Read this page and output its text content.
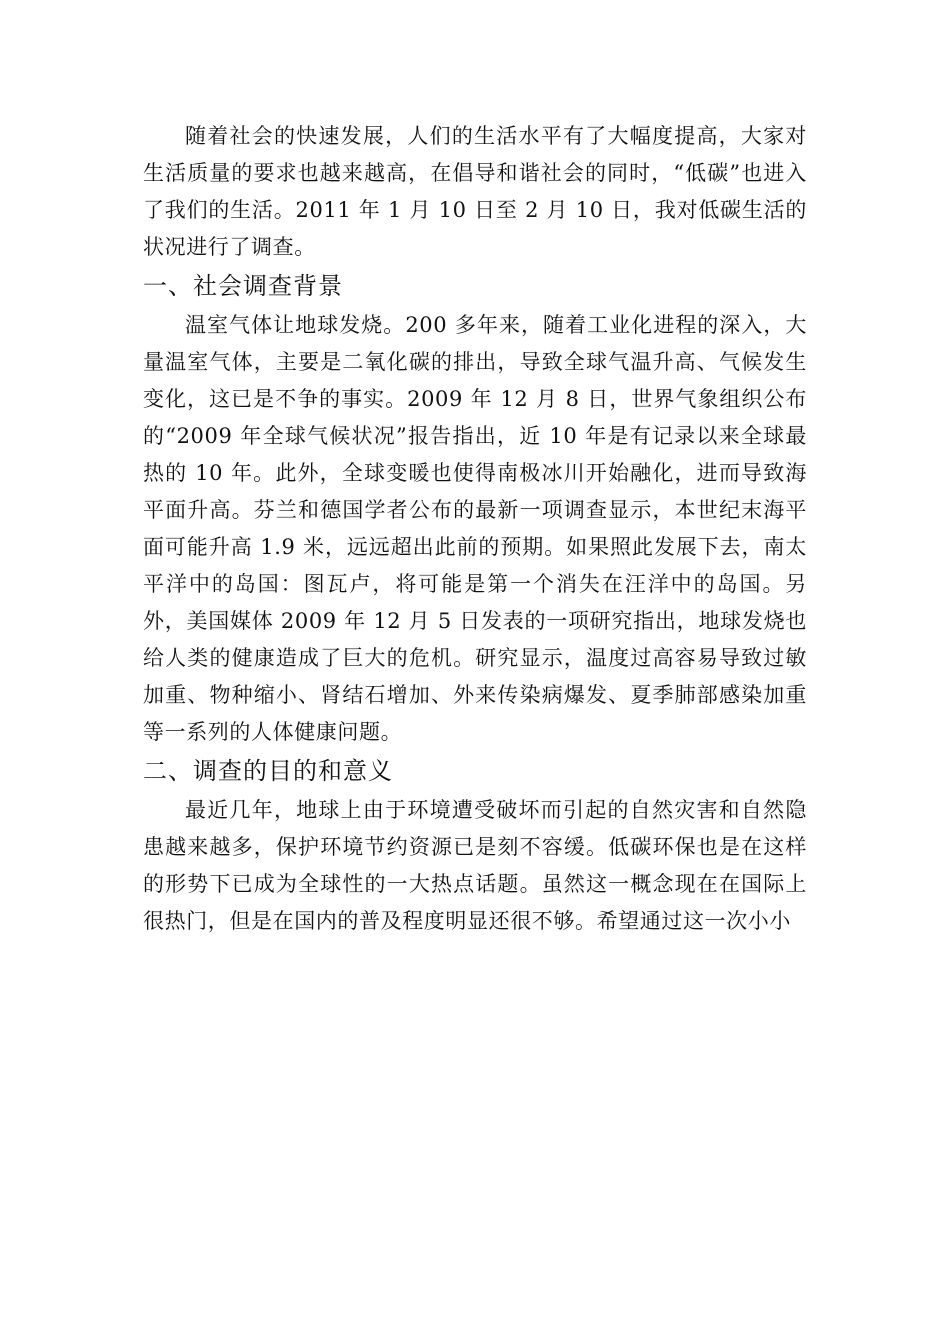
随着社会的快速发展，人们的生活水平有了大幅度提高，大家对生活质量的要求也越来越高，在倡导和谐社会的同时，“低碳”也进入了我们的生活。2011 年 1 月 10 日至 2 月 10 日，我对低碳生活的状况进行了调查。

一、社会调查背景

温室气体让地球发烧。200 多年来，随着工业化进程的深入，大量温室气体，主要是二氧化碳的排出，导致全球气温升高、气候发生变化，这已是不争的事实。2009 年 12 月 8 日，世界气象组织公布的“2009 年全球气候状况”报告指出，近 10 年是有记录以来全球最热的 10 年。此外，全球变暖也使得南极冰川开始融化，进而导致海平面升高。芬兰和德国学者公布的最新一项调查显示，本世纪末海平面可能升高 1.9 米，远远超出此前的预期。如果照此发展下去，南太平洋中的岛国：图瓦卢，将可能是第一个消失在汪洋中的岛国。另外，美国媒体 2009 年 12 月 5 日发表的一项研究指出，地球发烧也给人类的健康造成了巨大的危机。研究显示，温度过高容易导致过敏加重、物种缩小、肾结石增加、外来传染病爆发、夏季肺部感染加重等一系列的人体健康问题。

二、调查的目的和意义

最近几年，地球上由于环境遭受破坏而引起的自然灾害和自然隐患越来越多，保护环境节约资源已是刻不容缓。低碳环保也是在这样的形势下已成为全球性的一大热点话题。虽然这一概念现在在国际上很热门，但是在国内的普及程度明显还很不够。希望通过这一次小小
